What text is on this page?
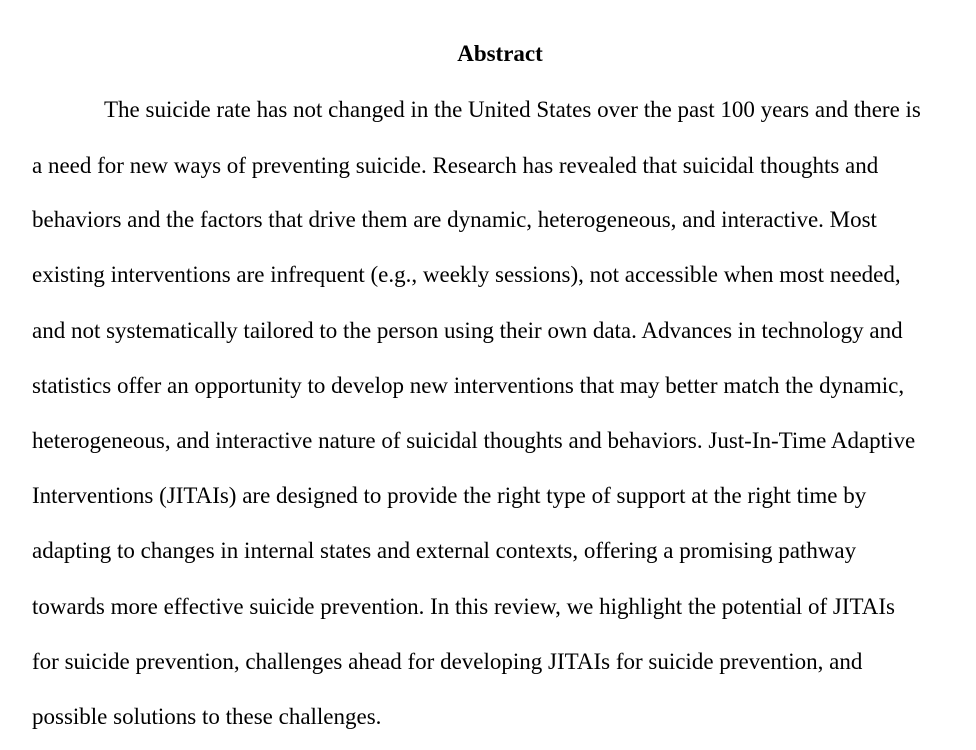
Abstract
The suicide rate has not changed in the United States over the past 100 years and there is
a need for new ways of preventing suicide. Research has revealed that suicidal thoughts and
behaviors and the factors that drive them are dynamic, heterogeneous, and interactive. Most
existing interventions are infrequent (e.g., weekly sessions), not accessible when most needed,
and not systematically tailored to the person using their own data. Advances in technology and
statistics offer an opportunity to develop new interventions that may better match the dynamic,
heterogeneous, and interactive nature of suicidal thoughts and behaviors. Just-In-Time Adaptive
Interventions (JITAIs) are designed to provide the right type of support at the right time by
adapting to changes in internal states and external contexts, offering a promising pathway
towards more effective suicide prevention. In this review, we highlight the potential of JITAIs
for suicide prevention, challenges ahead for developing JITAIs for suicide prevention, and
possible solutions to these challenges.
